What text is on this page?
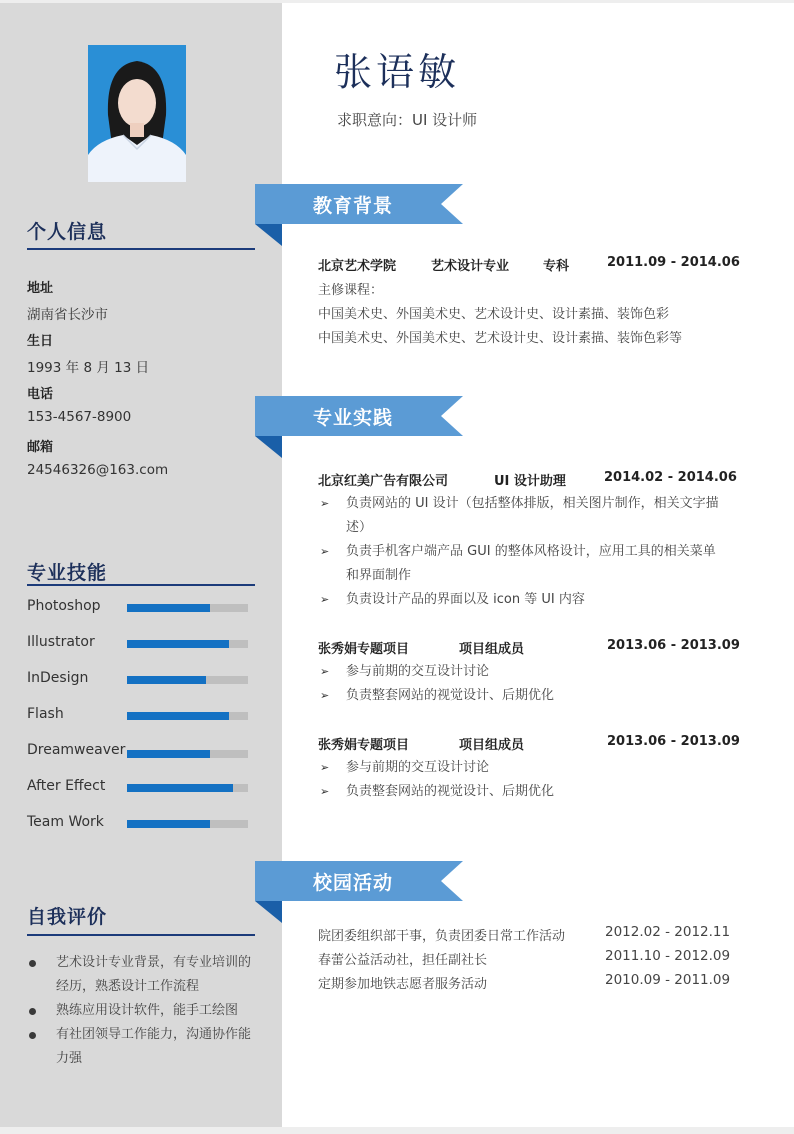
个人信息
地址
湖南省长沙市
生日
1993 年 8 月 13 日
电话
153-4567-8900
邮箱
24546326@163.com
专业技能
Photoshop
Illustrator
InDesign
Flash
Dreamweaver
After Effect
Team Work
自我评价
艺术设计专业背景，有专业培训的
经历，熟悉设计工作流程
熟练应用设计软件，能手工绘图
有社团领导工作能力，沟通协作能
力强
张语敏
求职意向：UI 设计师
教育背景
北京艺术学院	艺术设计专业	专科	2011.09 - 2014.06
主修课程：
中国美术史、外国美术史、艺术设计史、设计素描、装饰色彩
中国美术史、外国美术史、艺术设计史、设计素描、装饰色彩等
专业实践
北京红美广告有限公司	UI 设计助理	2014.02 - 2014.06
➢ 负责网站的 UI 设计（包括整体排版，相关图片制作，相关文字描
述）
➢ 负责手机客户端产品 GUI 的整体风格设计，应用工具的相关菜单
和界面制作
➢ 负责设计产品的界面以及 icon 等 UI 内容
张秀娟专题项目	项目组成员	2013.06 - 2013.09
➢ 参与前期的交互设计讨论
➢ 负责整套网站的视觉设计、后期优化
张秀娟专题项目	项目组成员	2013.06 - 2013.09
➢ 参与前期的交互设计讨论
➢ 负责整套网站的视觉设计、后期优化
校园活动
院团委组织部干事，负责团委日常工作活动	2012.02 - 2012.11
春蕾公益活动社，担任副社长	2011.10 - 2012.09
定期参加地铁志愿者服务活动	2010.09 - 2011.09
